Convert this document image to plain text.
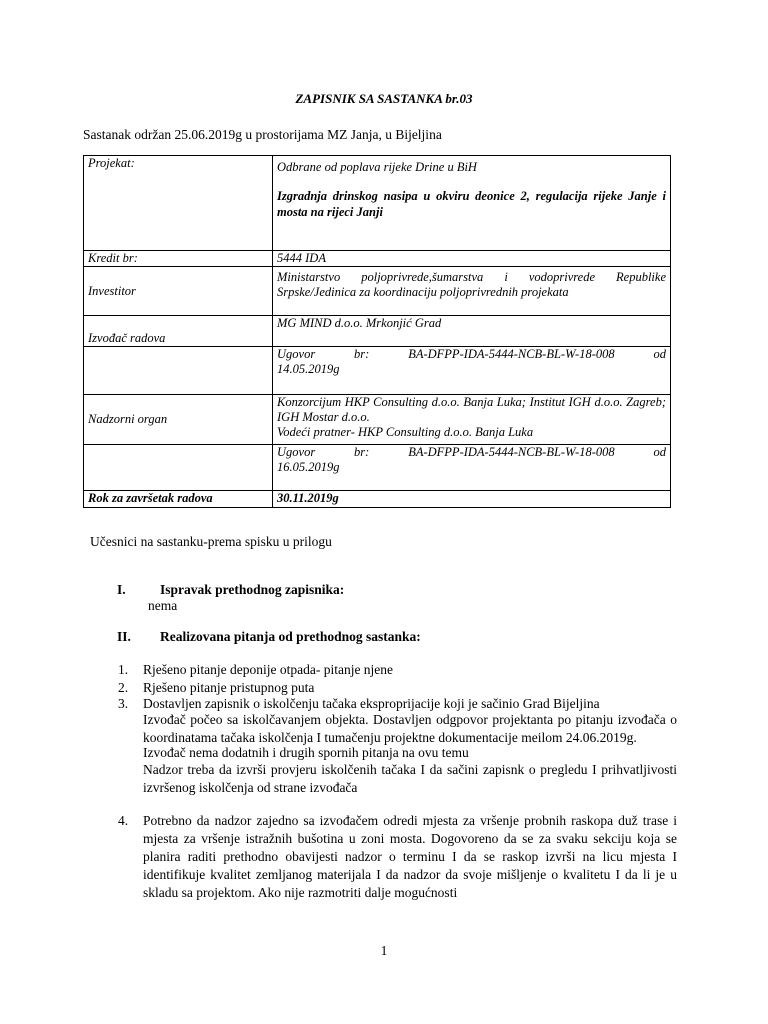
ZAPISNIK SA SASTANKA br.03
Sastanak održan 25.06.2019g u prostorijama MZ Janja, u Bijeljina
Projekat:	Odbrane od poplava rijeke Drine u BiH
Izgradnja drinskog nasipa u okviru deonice 2, regulacija rijeke Janje i mosta na rijeci Janji

Kredit br:	5444 IDA
Investitor	Ministarstvo poljoprivrede,šumarstva i vodoprivrede Republike Srpske/Jedinica za koordinaciju poljoprivrednih projekata
Izvođač radova	MG MIND d.o.o. Mrkonjić Grad

	Ugovor br: BA-DFPP-IDA-5444-NCB-BL-W-18-008 od
14.05.2019g

Nadzorni organ	Konzorcijum HKP Consulting d.o.o. Banja Luka; Institut IGH d.o.o. Zagreb; IGH Mostar d.o.o.
Vodeći pratner- HKP Consulting d.o.o. Banja Luka

	Ugovor br: BA-DFPP-IDA-5444-NCB-BL-W-18-008 od
16.05.2019g

Rok za završetak radova	30.11.2019g
Učesnici na sastanku-prema spisku u prilogu
I.	Ispravak prethodnog zapisnika:
nema
II. Realizovana pitanja od prethodnog sastanka:
1. Rješeno pitanje deponije otpada- pitanje njene
2. Rješeno pitanje pristupnog puta
3. Dostavljen zapisnik o iskolčenju tačaka eksproprijacije koji je sačinio Grad Bijeljina
Izvođač počeo sa iskolčavanjem objekta. Dostavljen odgpovor projektanta po pitanju izvođača o koordinatama tačaka iskolčenja I tumačenju projektne dokumentacije meilom 24.06.2019g.
Izvođač nema dodatnih i drugih spornih pitanja na ovu temu
Nadzor treba da izvrši provjeru iskolčenih tačaka I da sačini zapisnk o pregledu I prihvatljivosti izvršenog iskolčenja od strane izvođača
4. Potrebno da nadzor zajedno sa izvođačem odredi mjesta za vršenje probnih raskopa duž trase i mjesta za vršenje istražnih bušotina u zoni mosta. Dogovoreno da se za svaku sekciju koja se planira raditi prethodno obavijesti nadzor o terminu I da se raskop izvrši na licu mjesta I identifikuje kvalitet zemljanog materijala I da nadzor da svoje mišljenje o kvalitetu I da li je u skladu sa projektom. Ako nije razmotriti dalje mogućnosti
1
